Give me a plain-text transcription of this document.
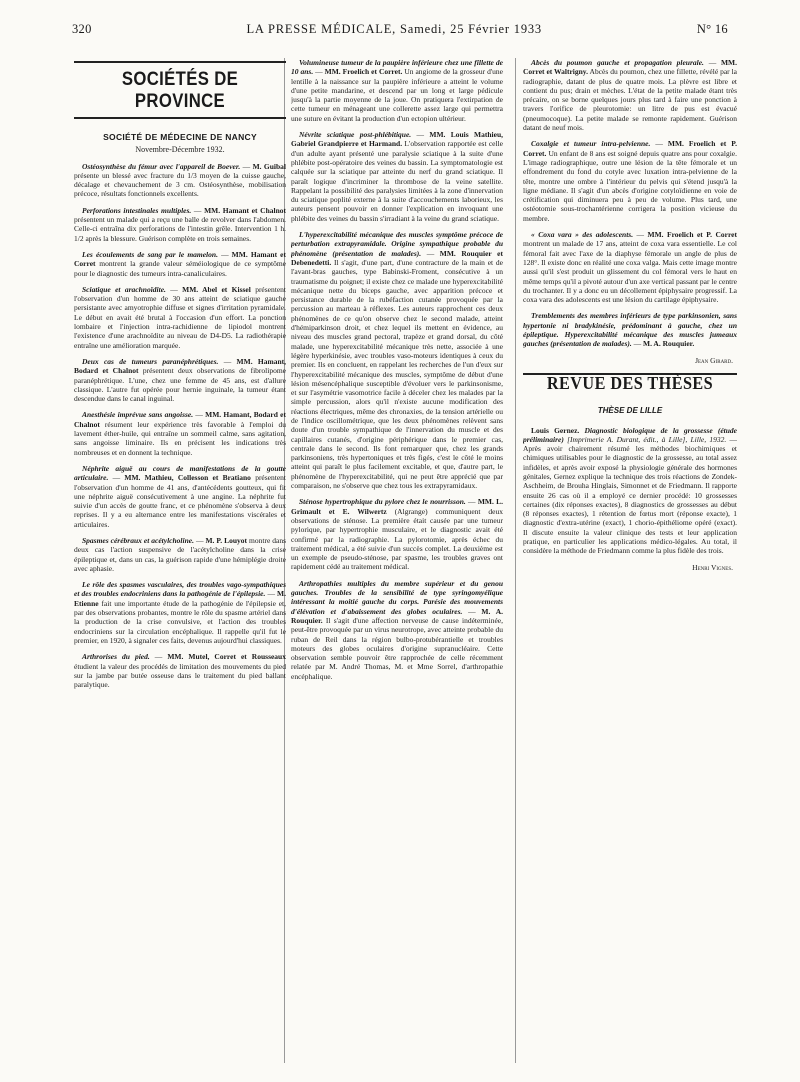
320	LA PRESSE MÉDICALE, Samedi, 25 Février 1933	N° 16
SOCIÉTÉS DE PROVINCE
SOCIÉTÉ DE MÉDECINE DE NANCY
Novembre-Décembre 1932.

Ostéosynthèse du fémur avec l'appareil de Boever. — M. Guibal présente un blessé avec fracture du 1/3 moyen de la cuisse gauche, décalage et chevauchement de 3 cm. Ostéosynthèse, mobilisation précoce, résultats fonctionnels excellents.

Perforations intestinales multiples. — MM. Hamant et Chalnot présentent un malade qui a reçu une balle de revolver dans l'abdomen. Celle-ci entraîna dix perforations de l'intestin grêle. Intervention 1 h. 1/2 après la blessure. Guérison complète en trois semaines.

Les écoulements de sang par le mamelon. — MM. Hamant et Corret montrent la grande valeur séméiologique de ce symptôme pour le diagnostic des tumeurs intra-canaliculaires.

Sciatique et arachnoïdite. — MM. Abel et Kissel présentent l'observation d'un homme de 30 ans atteint de sciatique gauche persistante avec amyotrophie diffuse et signes d'irritation pyramidale. Le début en avait été brutal à l'occasion d'un effort. La ponction lombaire et l'injection intra-rachidienne de lipiodol montrent l'existence d'une arachnoïdite au niveau de D4-D5. La radiothérapie entraîne une amélioration marquée.

Deux cas de tumeurs paranéphrétiques. — MM. Hamant, Bodard et Chalnot présentent deux observations de fibrolipome paranéphrétique. L'une, chez une femme de 45 ans, est d'allure classique. L'autre fut opérée pour hernie inguinale, la tumeur étant descendue dans le canal inguinal.

Anesthésie imprévue sans angoisse. — MM. Hamant, Bodard et Chalnot résument leur expérience très favorable à l'emploi du lavement éther-huile, qui entraîne un sommeil calme, sans agitation, sans angoisse liminaire. Ils en précisent les indications très nombreuses et en donnent la technique.

Néphrite aiguë au cours de manifestations de la goutte articulaire. — MM. Mathieu, Collesson et Bratiano présentent l'observation d'un homme de 41 ans, d'antécédents goutteux, qui fit une néphrite aiguë consécutivement à une angine. La néphrite fut suivie d'un accès de goutte franc, et ce phénomène s'observa à deux reprises. Il y a eu alternance entre les manifestations viscérales et articulaires.

Spasmes cérébraux et acétylcholine. — M. P. Louyot montre dans deux cas l'action suspensive de l'acétylcholine dans la crise épileptique et, dans un cas, la guérison rapide d'une hémiplégie droite avec aphasie.

Le rôle des spasmes vasculaires, des troubles vago-sympathiques et des troubles endocriniens dans la pathogénie de l'épilepsie. — M. Etienne fait une importante étude de la pathogénie de l'épilepsie et, par des observations probantes, montre le rôle du spasme artériel dans la production de la crise convulsive, et l'action des troubles endocriniens sur la circulation encéphalique. Il rappelle qu'il fut le premier, en 1920, à signaler ces faits, devenus aujourd'hui classiques.

Arthrorises du pied. — MM. Mutel, Corret et Rousseaux étudient la valeur des procédés de limitation des mouvements du pied sur la jambe par butée osseuse dans le traitement du pied ballant paralytique.

Volumineuse tumeur de la paupière inférieure chez une fillette de 10 ans. — MM. Froelich et Corret. Un angiome de la grosseur d'une lentille à la naissance sur la paupière inférieure a atteint le volume d'une petite mandarine, et descend par un long et large pédicule jusqu'à la partie moyenne de la joue. On pratiquera l'extirpation de cette tumeur en ménageant une collerette assez large qui permettra une suture en évitant la production d'un ectopion ultérieur.

Névrite sciatique post-phlébitique. — MM. Louis Mathieu, Gabriel Grandpierre et Harmand. L'observation rapportée est celle d'un adulte ayant présenté une paralysie sciatique à la suite d'une phlébite post-opératoire des veines du bassin. La symptomatologie est calquée sur la sciatique par atteinte du nerf du grand sciatique. Il paraît logique d'incriminer la thrombose de la veine satellite. Rappelant la possibilité des paralysies limitées à la zone d'innervation du sciatique poplité externe à la suite d'accouchements laborieux, les auteurs pensent pouvoir en donner l'explication en invoquant une phlébite des veines du bassin s'irradiant à la veine du grand sciatique.

L'hyperexcitabilité mécanique des muscles symptôme précoce de perturbation extrapyramidale. Origine sympathique probable du phénomène (présentation de malades). — MM. Rouquier et Debenedetti. Il s'agit, d'une part, d'une contracture de la main et de l'avant-bras gauches, type Babinski-Froment, consécutive à un traumatisme du poignet; il existe chez ce malade une hyperexcitabilité mécanique nette du biceps gauche, avec apparition précoce et persistance durable de la rubéfaction cutanée provoquée par la percussion au marteau à réflexes. Les auteurs rapprochent ces deux phénomènes de ce qu'on observe chez le second malade, atteint d'hémiparkinson droit, et chez lequel ils mettent en évidence, au niveau des muscles grand pectoral, trapèze et grand dorsal, du côté malade, une hyperexcitabilité mécanique très nette, associée à une légère hyperkinésie, avec troubles vaso-moteurs identiques à ceux du premier. Ils en concluent, en rappelant les recherches de l'un d'eux sur l'hyperexcitabilité mécanique des muscles, symptôme de début d'une lésion mésencéphalique susceptible d'évoluer vers le parkinsonisme, et sur l'asymétrie vasomotrice facile à déceler chez les malades par la simple percussion, alors qu'il n'existe aucune modification des réactions électriques, même des chronaxies, de la tension artérielle ou de l'indice oscillométrique, que les deux phénomènes relèvent sans doute d'un trouble sympathique de l'innervation du muscle et des capillaires cutanés, d'origine périphérique dans le premier cas, centrale dans le second. Ils font remarquer que, chez les grands parkinsoniens, très hypertoniques et très figés, c'est le côté le moins atteint qui paraît le plus facilement excitable, et que, d'autre part, le phénomène de l'hyperexcitabilité, qui ne peut être apprécié que par comparaison, ne s'observe que chez tous les extrapyramidaux.

Sténose hypertrophique du pylore chez le nourrisson. — MM. L. Grimault et E. Wilwertz (Algrange) communiquent deux observations de sténose. La première était causée par une tumeur pylorique, par hypertrophie musculaire, et le diagnostic avait été confirmé par la radiographie. La pylorotomie, après échec du traitement médical, a été suivie d'un succès complet. La deuxième est un exemple de pseudo-sténose, par spasme, les troubles graves ont rapidement cédé au traitement médical.

Arthropathies multiples du membre supérieur et du genou gauches. Troubles de la sensibilité de type syringomyélique intéressant la moitié gauche du corps. Parésie des mouvements d'élévation et d'abaissement des globes oculaires. — M. A. Rouquier. Il s'agit d'une affection nerveuse de cause indéterminée, peut-être provoquée par un virus neurotrope, avec atteinte probable du ruban de Reil dans la région bulbo-protubérantielle et troubles moteurs des globes oculaires d'origine supranucléaire. Cette observation semble pouvoir être rapprochée de celle récemment relatée par M. André Thomas, M. et Mme Sorrel, d'arthropathie encéphalique.

Abcès du poumon gauche et propagation pleurale. — MM. Corret et Waltrigny. Abcès du poumon, chez une fillette, révélé par la radiographie, datant de plus de quatre mois. La plèvre est libre et contient du pus; drain et mèches. L'état de la petite malade étant très précaire, on se borne quelques jours plus tard à faire une ponction à travers l'orifice de pleurotomie: un litre de pus est évacué (pneumocoque). La petite malade se remonte rapidement. Guérison datant de neuf mois.

Coxalgie et tumeur intra-pelvienne. — MM. Froelich et P. Corret. Un enfant de 8 ans est soigné depuis quatre ans pour coxalgie. L'image radiographique, outre une lésion de la tête fémorale et un effondrement du fond du cotyle avec luxation intra-pelvienne de la tête, montre une ombre à l'intérieur du pelvis qui s'étend jusqu'à la ligne médiane. Il s'agit d'un abcès d'origine cotyloïdienne en voie de crétification qui diminuera peu à peu de volume. Plus tard, une ostéotomie sous-trochantérienne corrigera la position vicieuse du membre.

« Coxa vara » des adolescents. — MM. Froelich et P. Corret montrent un malade de 17 ans, atteint de coxa vara essentielle. Le col fémoral fait avec l'axe de la diaphyse fémorale un angle de plus de 128°. Il existe donc en réalité une coxa valga. Mais cette image montre aussi qu'il s'est produit un glissement du col fémoral vers le haut en même temps qu'il a pivoté autour d'un axe vertical passant par le centre du trochanter. Il y a donc eu un décollement épiphysaire progressif. La coxa vara des adolescents est une lésion du cartilage épiphysaire.

Tremblements des membres inférieurs de type parkinsonien, sans hypertonie ni bradykinésie, prédominant à gauche, chez un épileptique. Hyperexcitabilité mécanique des muscles jumeaux gauches (présentation de malades). — M. A. Rouquier.

Jean Girard.
REVUE DES THÈSES
THÈSE DE LILLE

Louis Gernez. Diagnostic biologique de la grossesse (étude préliminaire) [Imprimerie A. Durant, édit., à Lille], Lille, 1932. — Après avoir chairement résumé les méthodes biochimiques et chimiques utilisables pour le diagnostic de la grossesse, au total assez infidèles, et après avoir exposé la physiologie générale des hormones génitales, Gernez explique la technique des trois réactions de Zondek-Aschheim, de Brouha Hinglais, Simonnet et de Friedmann. Il rapporte ensuite 26 cas où il a employé ce dernier procédé: 10 grossesses certaines (dix réponses exactes), 8 diagnostics de grossesses au début (8 réponses exactes), 1 rétention de fœtus mort (réponse exacte), 1 diagnostic d'extra-utérine (exact), 1 chorio-épithéliome opéré (exact). Il discute ensuite la valeur clinique des tests et leur application pratique, en particulier les applications médico-légales. Au total, il considère la méthode de Friedmann comme la plus fidèle des trois.

Henri Vignes.
